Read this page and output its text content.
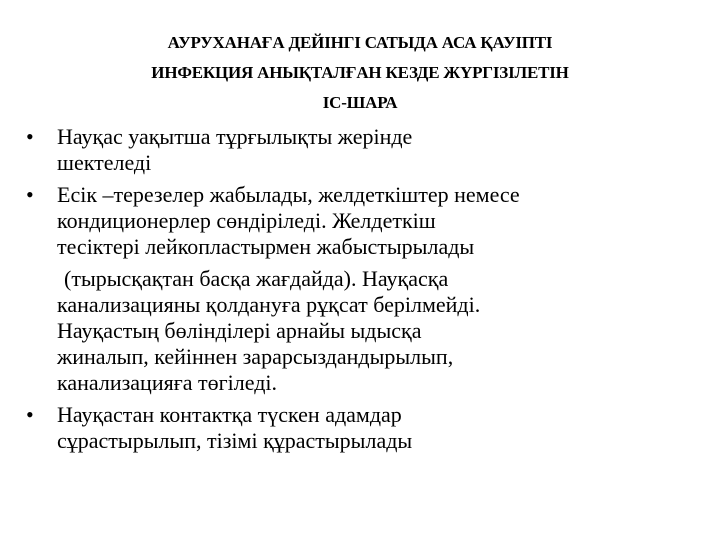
АУРУХАНАҒА ДЕЙІНГІ САТЫДА АСА ҚАУІПТІ
ИНФЕКЦИЯ АНЫҚТАЛҒАН КЕЗДЕ ЖҮРГІЗІЛЕТІН
ІС-ШАРА
• Науқас уақытша тұрғылықты жерінде
шектеледі
• Есік –терезелер жабылады, желдеткіштер немесе
кондиционерлер сөндіріледі. Желдеткіш
тесіктері лейкопластырмен жабыстырылады
(тырысқақтан басқа жағдайда). Науқасқа
канализацияны қолдануға рұқсат берілмейді.
Науқастың бөлінділері арнайы ыдысқа
жиналып, кейіннен зарарсыздандырылып,
канализацияға төгіледі.
• Науқастан контактқа түскен адамдар
сұрастырылып, тізімі құрастырылады
